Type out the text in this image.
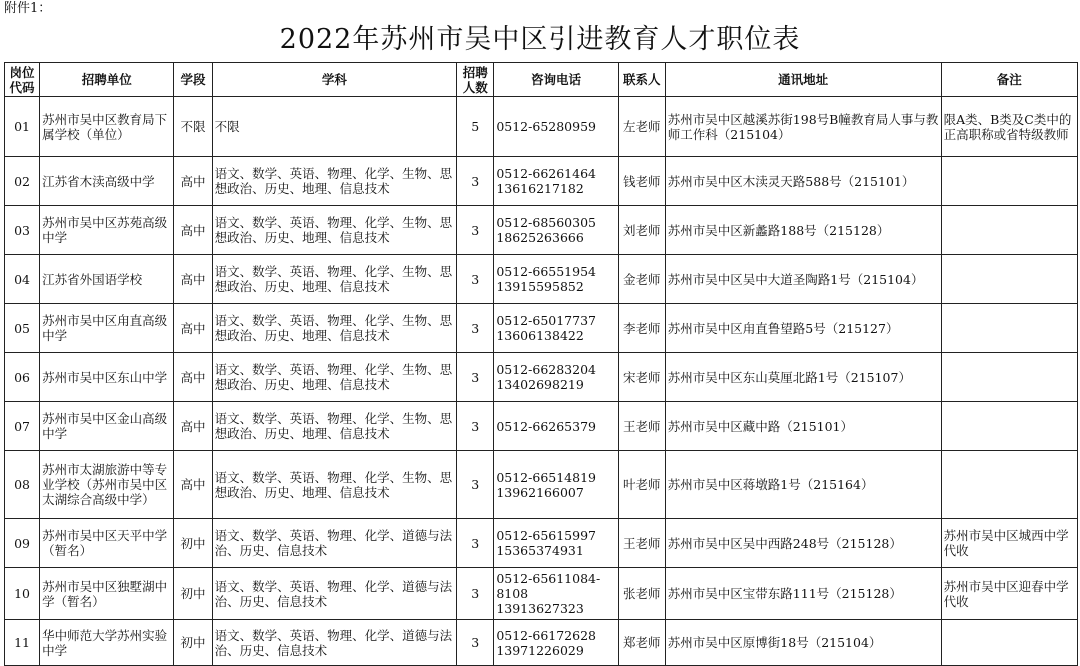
附件1：
2022年苏州市吴中区引进教育人才职位表
岗位代码	招聘单位	学段	学科	招聘人数	咨询电话	联系人	通讯地址	备注
01	苏州市吴中区教育局下属学校（单位）	不限	不限	5	0512-65280959	左老师	苏州市吴中区越溪苏街198号B幢教育局人事与教师工作科（215104）	限A类、B类及C类中的正高职称或省特级教师
02	江苏省木渎高级中学	高中	语文、数学、英语、物理、化学、生物、思想政治、历史、地理、信息技术	3	0512-66261464 13616217182	钱老师	苏州市吴中区木渎灵天路588号（215101）	
03	苏州市吴中区苏苑高级中学	高中	语文、数学、英语、物理、化学、生物、思想政治、历史、地理、信息技术	3	0512-68560305 18625263666	刘老师	苏州市吴中区新蠡路188号（215128）	
04	江苏省外国语学校	高中	语文、数学、英语、物理、化学、生物、思想政治、历史、地理、信息技术	3	0512-66551954 13915595852	金老师	苏州市吴中区吴中大道圣陶路1号（215104）	
05	苏州市吴中区甪直高级中学	高中	语文、数学、英语、物理、化学、生物、思想政治、历史、地理、信息技术	3	0512-65017737 13606138422	李老师	苏州市吴中区甪直鲁望路5号（215127）	
06	苏州市吴中区东山中学	高中	语文、数学、英语、物理、化学、生物、思想政治、历史、地理、信息技术	3	0512-66283204 13402698219	宋老师	苏州市吴中区东山莫厘北路1号（215107）	
07	苏州市吴中区金山高级中学	高中	语文、数学、英语、物理、化学、生物、思想政治、历史、地理、信息技术	3	0512-66265379	王老师	苏州市吴中区藏中路（215101）	
08	苏州市太湖旅游中等专业学校（苏州市吴中区太湖综合高级中学）	高中	语文、数学、英语、物理、化学、生物、思想政治、历史、地理、信息技术	3	0512-66514819 13962166007	叶老师	苏州市吴中区蒋墩路1号（215164）	
09	苏州市吴中区天平中学（暂名）	初中	语文、数学、英语、物理、化学、道德与法治、历史、信息技术	3	0512-65615997 15365374931	王老师	苏州市吴中区吴中西路248号（215128）	苏州市吴中区城西中学代收
10	苏州市吴中区独墅湖中学（暂名）	初中	语文、数学、英语、物理、化学、道德与法治、历史、信息技术	3	0512-65611084-8108 13913627323	张老师	苏州市吴中区宝带东路111号（215128）	苏州市吴中区迎春中学代收
11	华中师范大学苏州实验中学	初中	语文、数学、英语、物理、化学、道德与法治、历史、信息技术	3	0512-66172628 13971226029	郑老师	苏州市吴中区原博街18号（215104）	
